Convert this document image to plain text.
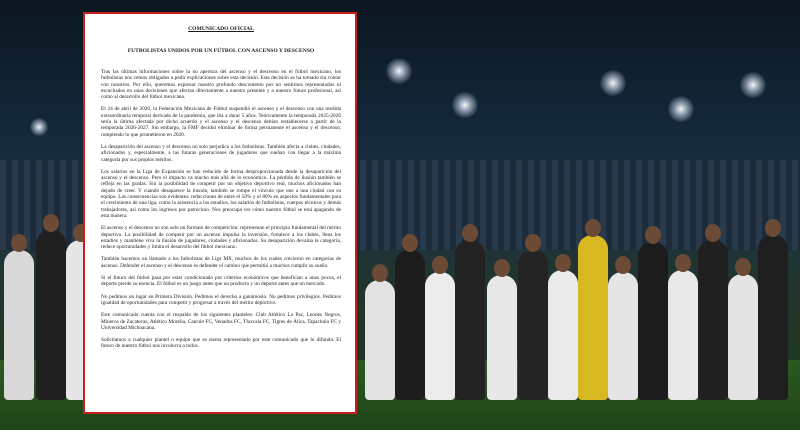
COMUNICADO OFICIAL
FUTBOLISTAS UNIDOS POR UN FÚTBOL CON ASCENSO Y DESCENSO

Tras las últimas informaciones sobre la no apertura del ascenso y el descenso en el fútbol mexicano, los futbolistas nos vemos obligados a pedir explicaciones sobre esta decisión. Esta decisión se ha tomado sin contar con nosotros. Por ello, queremos expresar nuestro profundo descontento por no sentirnos representados ni escuchados en unas decisiones que afectan directamente a nuestro presente y a nuestro futuro profesional, así como al desarrollo del fútbol mexicano.

El 24 de abril de 2020, la Federación Mexicana de Fútbol suspendió el ascenso y el descenso con una medida extraordinaria temporal derivada de la pandemia, que iba a durar 5 años. Teóricamente la temporada 2025-2026 sería la última afectada por dicho acuerdo y el ascenso y el descenso debían restablecerse a partir de la temporada 2026-2027. Sin embargo, la FMF decidió eliminar de forma permanente el ascenso y el descenso, rompiendo lo que prometieron en 2020.

La desaparición del ascenso y el descenso no solo perjudica a los futbolistas. También afecta a clubes, ciudades, aficionados y, especialmente, a las futuras generaciones de jugadores que sueñan con llegar a la máxima categoría por sus propios méritos.

Los salarios en la Liga de Expansión se han reducido de forma desproporcionada desde la desaparición del ascenso y el descenso. Pero el impacto va mucho más allá de lo económico. La pérdida de ilusión también se refleja en las gradas. Sin la posibilidad de competir por un objetivo deportivo real, muchos aficionados han dejado de creer. Y cuando desaparece la ilusión, también se rompe el vínculo que une a una ciudad con su equipo. Las consecuencias son evidentes: reducciones de entre el 50% y el 80% en aspectos fundamentales para el crecimiento de una liga, como la asistencia a los estadios, los salarios de futbolistas, cuerpos técnicos y demás trabajadores, así como los ingresos por patrocinio. Nos preocupa ver cómo nuestro fútbol se está apagando de esta manera.

El ascenso y el descenso no son solo un formato de competición; representan el principio fundamental del mérito deportivo. La posibilidad de competir por un ascenso impulsa la inversión, fortalece a los clubes, llena los estadios y mantiene viva la ilusión de jugadores, ciudades y aficionados. Su desaparición devalúa la categoría, reduce oportunidades y limita el desarrollo del fútbol mexicano.

También hacemos un llamado a los futbolistas de Liga MX, muchos de los cuales crecieron en categorías de ascenso. Defender el ascenso y el descenso es defender el camino que permitió a muchos cumplir su sueño.

Si el futuro del fútbol pasa por estar condicionado por criterios económicos que benefician a unos pocos, el deporte pierde su esencia. El fútbol es un juego antes que un producto y un deporte antes que un mercado.

No pedimos un lugar en Primera División. Pedimos el derecho a ganárnoslo. No pedimos privilegios. Pedimos igualdad de oportunidades para competir y progresar a través del mérito deportivo.

Este comunicado cuenta con el respaldo de los siguientes planteles: Club Atlético La Paz, Leones Negros, Mineros de Zacatecas, Atlético Morelia, Cancún FC, Venados FC, Tlaxcala FC, Tigres de Álica, Tapachula FC y Universidad Michoacana.

Solicitamos a cualquier plantel o equipo que se sienta representado por este comunicado que lo difunda. El futuro de nuestro fútbol nos involucra a todos.
